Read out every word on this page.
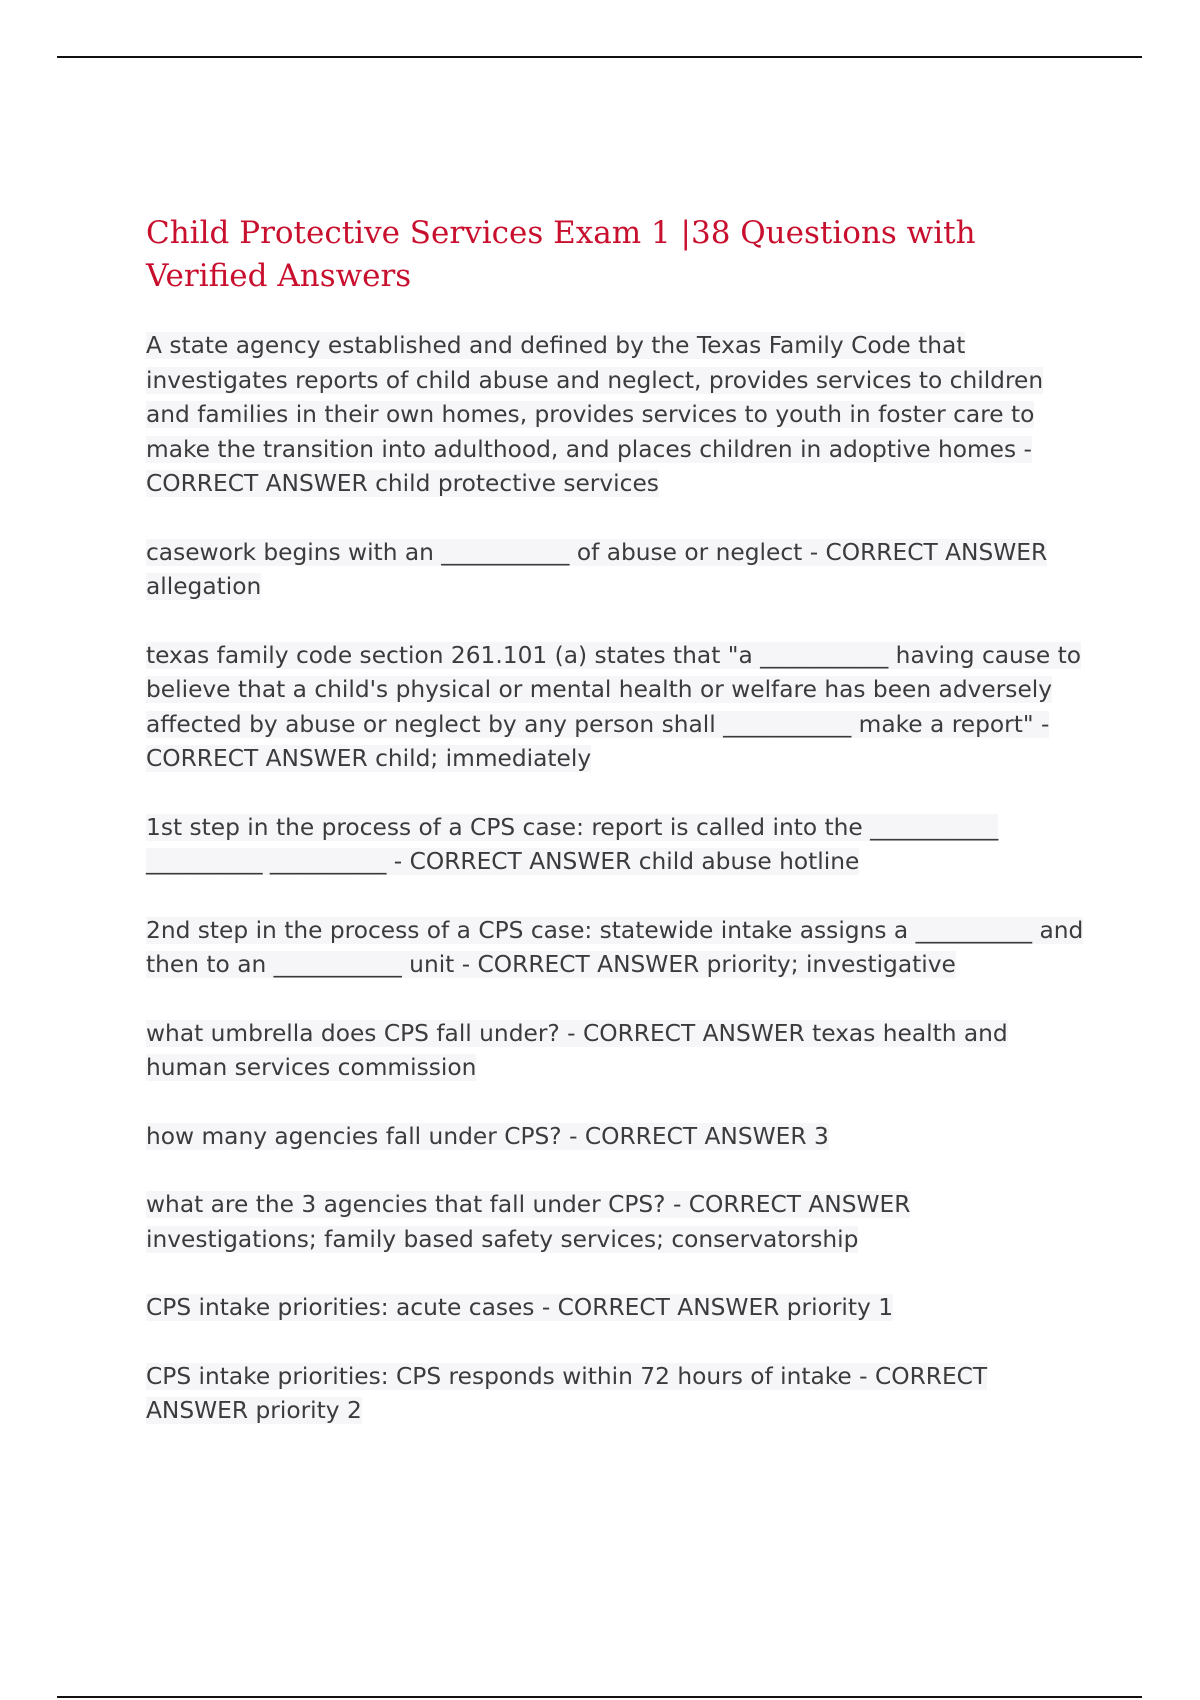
Child Protective Services Exam 1 |38 Questions with Verified Answers
A state agency established and defined by the Texas Family Code that investigates reports of child abuse and neglect, provides services to children and families in their own homes, provides services to youth in foster care to make the transition into adulthood, and places children in adoptive homes - CORRECT ANSWER child protective services
casework begins with an ___________ of abuse or neglect - CORRECT ANSWER allegation
texas family code section 261.101 (a) states that "a ___________ having cause to believe that a child's physical or mental health or welfare has been adversely affected by abuse or neglect by any person shall ___________ make a report" - CORRECT ANSWER child; immediately
1st step in the process of a CPS case: report is called into the ___________ __________ __________ - CORRECT ANSWER child abuse hotline
2nd step in the process of a CPS case: statewide intake assigns a __________ and then to an ___________ unit - CORRECT ANSWER priority; investigative
what umbrella does CPS fall under? - CORRECT ANSWER texas health and human services commission
how many agencies fall under CPS? - CORRECT ANSWER 3
what are the 3 agencies that fall under CPS? - CORRECT ANSWER investigations; family based safety services; conservatorship
CPS intake priorities: acute cases - CORRECT ANSWER priority 1
CPS intake priorities: CPS responds within 72 hours of intake - CORRECT ANSWER priority 2
